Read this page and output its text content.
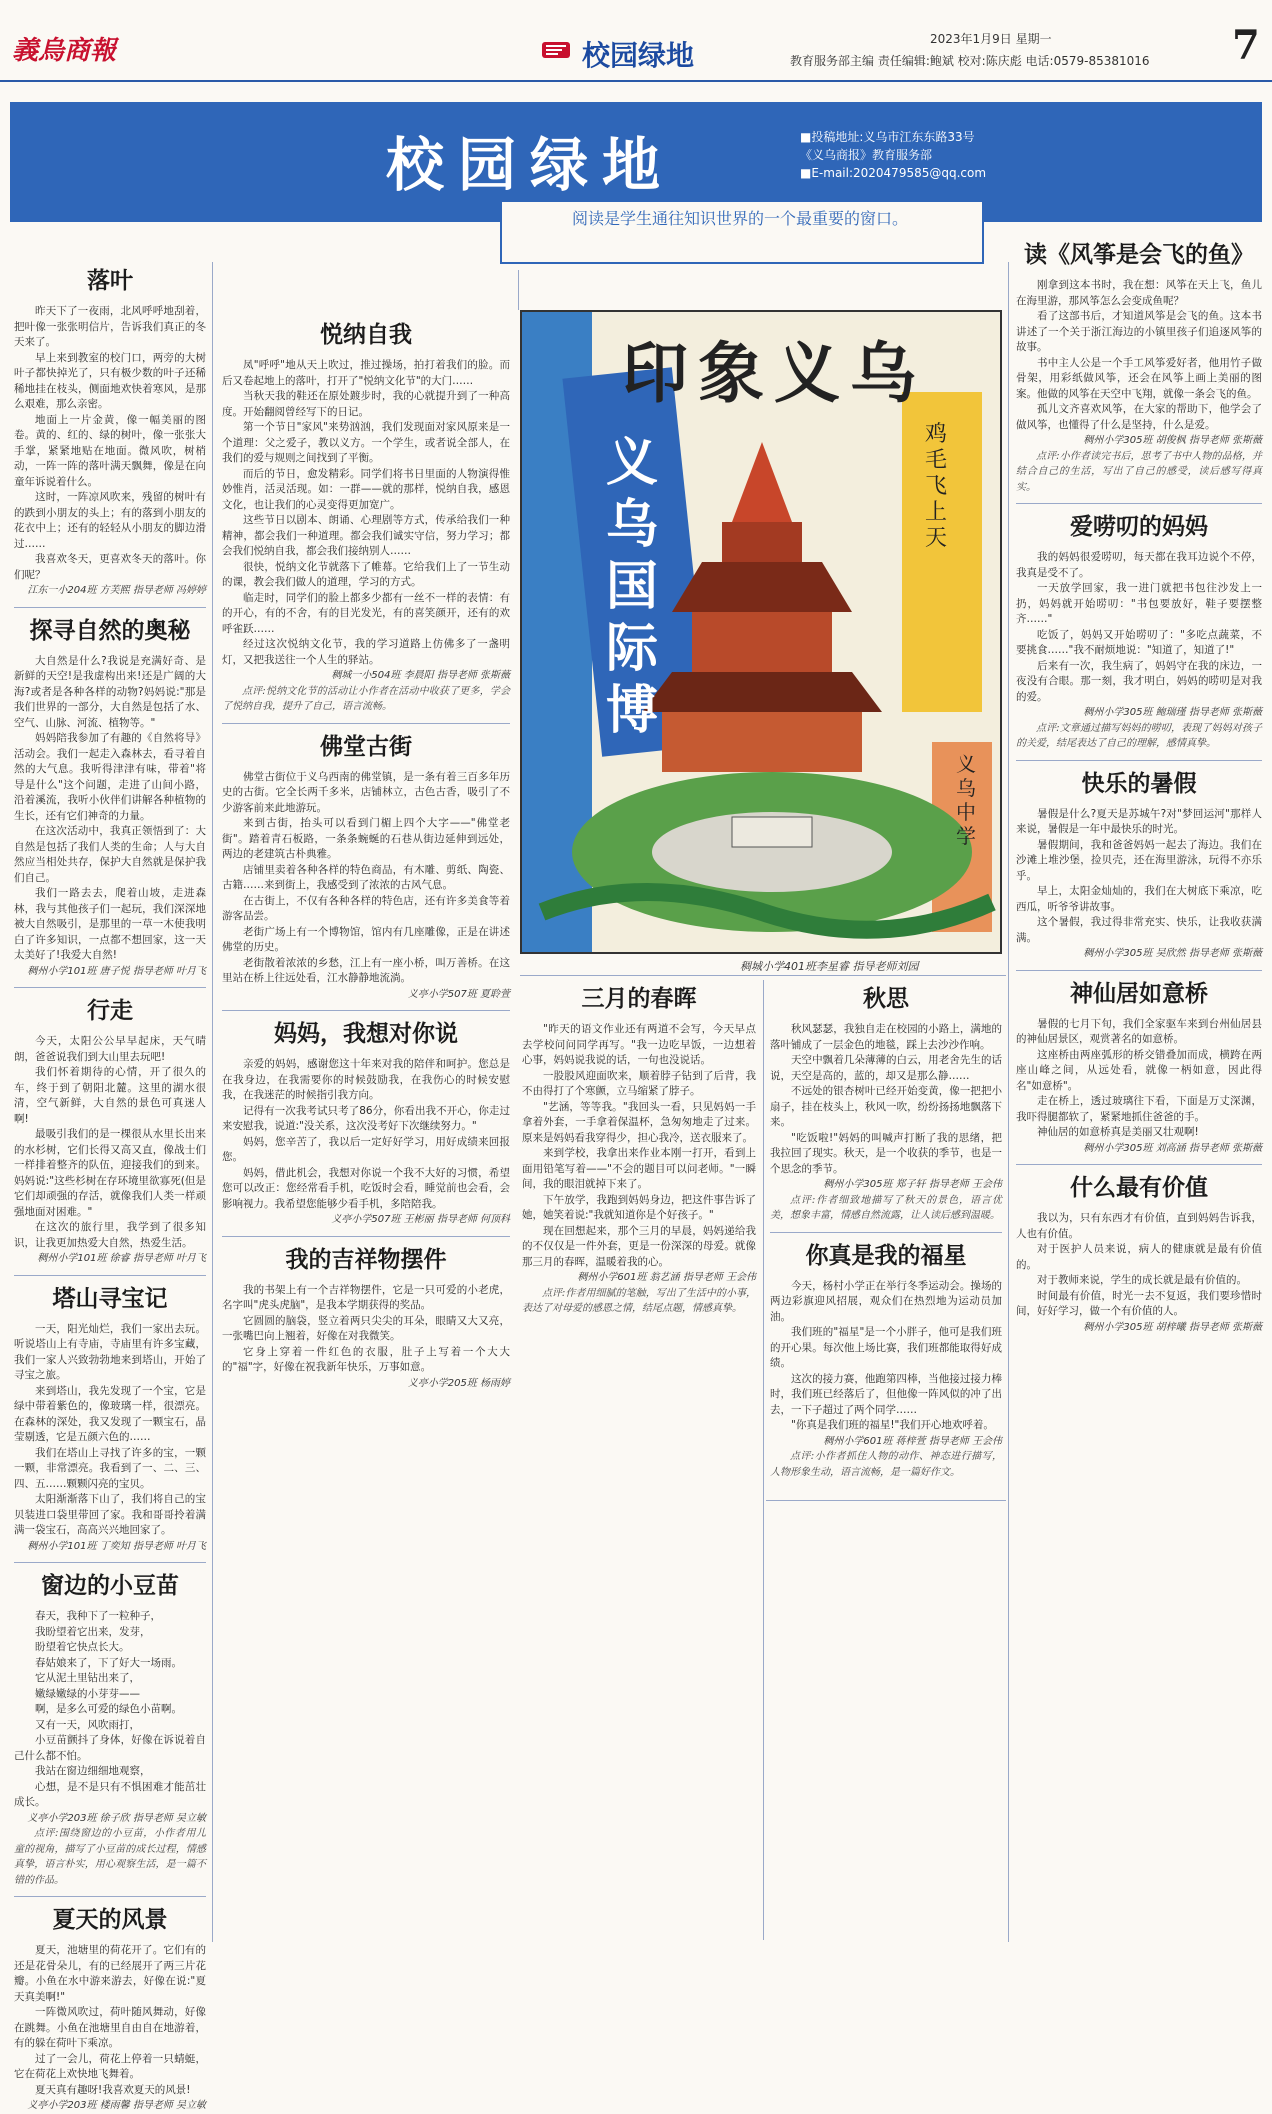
義烏商報	校园绿地	2023年1月9日 星期一
教育服务部主编 责任编辑:鲍斌 校对:陈庆彪 电话:0579-85381016 7
校园绿地	■投稿地址:义乌市江东东路33号
《义乌商报》教育服务部
■E-mail:2020479585@qq.com
阅读是学生通往知识世界的一个最重要的窗口。
落叶

昨天下了一夜雨，北风呼呼地刮着，把叶像一张张明信片，告诉我们真正的冬天来了。

早上来到教室的校门口，两旁的大树叶子都快掉光了，只有极少数的叶子还稀稀地挂在枝头，侧面地欢快着寒风，是那么艰难，那么亲密。

地面上一片金黄，像一幅美丽的图卷。黄的、红的、绿的树叶，像一张张大手掌，紧紧地贴在地面。微风吹，树梢动，一阵一阵的落叶满天飘舞，像是在向童年诉说着什么。

这时，一阵凉风吹来，残留的树叶有的跌到小朋友的头上；有的落到小朋友的花衣中上；还有的轻轻从小朋友的脚边滑过……

我喜欢冬天，更喜欢冬天的落叶。你们呢？

江东一小204班 方芙熙 指导老师 冯婷婷

探寻自然的奥秘

大自然是什么?我说是充满好奇、是新鲜的天空!是我虚构出来!还是广阔的大海?或者是各种各样的动物?妈妈说:"那是我们世界的一部分，大自然是包括了水、空气、山脉、河流、植物等。"

妈妈陪我参加了有趣的《自然将导》活动会。我们一起走入森林去，看寻着自然的大气息。我听得津津有味，带着"将导是什么"这个问题，走进了山间小路，沿着溪流，我听小伙伴们讲解各种植物的生长，还有它们神奇的力量。

在这次活动中，我真正领悟到了：大自然是包括了我们人类的生命；人与大自然应当相处共存，保护大自然就是保护我们自己。

我们一路去去，爬着山坡，走进森林，我与其他孩子们一起玩，我们深深地被大自然吸引，是那里的一草一木使我明白了许多知识，一点都不想回家，这一天太美好了!我爱大自然!

稠州小学101班 唐子悦 指导老师 叶月飞

行走

今天，太阳公公早早起床，天气晴朗，爸爸说我们到大山里去玩吧!

我们怀着期待的心情，开了很久的车，终于到了朝阳北麓。这里的湖水很清，空气新鲜，大自然的景色可真迷人啊!

最吸引我们的是一棵很从水里长出来的水杉树，它们长得又高又直，像战士们一样排着整齐的队伍，迎接我们的到来。妈妈说:"这些杉树在存环境里欲寡死(但是它们却顽强的存活，就像我们人类一样顽强地面对困难。"

在这次的旅行里，我学到了很多知识，让我更加热爱大自然，热爱生活。

稠州小学101班 徐睿 指导老师 叶月飞

塔山寻宝记

一天，阳光灿烂，我们一家出去玩。听说塔山上有寺庙，寺庙里有许多宝藏，我们一家人兴致勃勃地来到塔山，开始了寻宝之旅。

来到塔山，我先发现了一个宝，它是绿中带着紫色的，像玻璃一样，很漂亮。在森林的深处，我又发现了一颗宝石，晶莹剔透，它是五颜六色的……

我们在塔山上寻找了许多的宝，一颗一颗，非常漂亮。我看到了一、二、三、四、五……颗颗闪亮的宝贝。

太阳渐渐落下山了，我们将自己的宝贝装进口袋里带回了家。我和哥哥拎着满满一袋宝石，高高兴兴地回家了。

稠州小学101班 丁奕知 指导老师 叶月飞

窗边的小豆苗

春天，我种下了一粒种子，

我盼望着它出来，发芽，

盼望着它快点长大。

春姑娘来了，下了好大一场雨。

它从泥土里钻出来了，

嫩绿嫩绿的小芽芽——

啊，是多么可爱的绿色小苗啊。

又有一天，风吹雨打，

小豆苗颤抖了身体，好像在诉说着自己什么都不怕。

我站在窗边细细地观察，

心想，是不是只有不惧困难才能茁壮成长。

义亭小学203班 徐子欣 指导老师 吴立敏

点评:围绕窗边的小豆苗，小作者用儿童的视角，描写了小豆苗的成长过程，情感真挚，语言朴实，用心观察生活，是一篇不错的作品。

夏天的风景

夏天，池塘里的荷花开了。它们有的还是花骨朵儿，有的已经展开了两三片花瓣。小鱼在水中游来游去，好像在说:"夏天真美啊!"

一阵微风吹过，荷叶随风舞动，好像在跳舞。小鱼在池塘里自由自在地游着，有的躲在荷叶下乘凉。

过了一会儿，荷花上停着一只蜻蜓，它在荷花上欢快地飞舞着。

夏天真有趣呀!我喜欢夏天的风景!

义亭小学203班 楼雨馨 指导老师 吴立敏

悦纳自我

凤"呼呼"地从天上吹过，推过操场，拍打着我们的脸。而后又卷起地上的落叶，打开了"悦纳文化节"的大门……

当秋天我的鞋还在原处踱步时，我的心就提升到了一种高度。开始翻阅曾经写下的日记。

第一个节日"家风"来势汹汹，我们发现面对家风原来是一个道理：父之爱子，教以义方。一个学生，或者说全部人，在我们的爱与规则之间找到了平衡。

而后的节日，愈发精彩。同学们将书日里面的人物演得惟妙惟肖，活灵活现。如：一群——就的那样，悦纳自我，感恩文化，也让我们的心灵变得更加宽广。

这些节日以剧本、朗诵、心理剧等方式，传承给我们一种精神，都会我们一种道理。都会我们诚实守信，努力学习；都会我们悦纳自我，都会我们接纳别人……

很快，悦纳文化节就落下了帷幕。它给我们上了一节生动的课，教会我们做人的道理，学习的方式。

临走时，同学们的脸上都多少都有一丝不一样的表情：有的开心，有的不舍，有的目光发光，有的喜笑颜开，还有的欢呼雀跃……

经过这次悦纳文化节，我的学习道路上仿佛多了一盏明灯，又把我送往一个人生的驿站。

稠城一小504班 李晨阳 指导老师 张斯薇

点评:悦纳文化节的活动让小作者在活动中收获了更多，学会了悦纳自我，提升了自己，语言流畅。

佛堂古街

佛堂古街位于义乌西南的佛堂镇，是一条有着三百多年历史的古街。它全长两千多米，店铺林立，古色古香，吸引了不少游客前来此地游玩。

来到古街，抬头可以看到门楣上四个大字——"佛堂老街"。踏着青石板路，一条条蜿蜒的石巷从街边延伸到远处，两边的老建筑古朴典雅。

店铺里卖着各种各样的特色商品，有木雕、剪纸、陶瓷、古籍……来到街上，我感受到了浓浓的古风气息。

在古街上，不仅有各种各样的特色店，还有许多美食等着游客品尝。

老街广场上有一个博物馆，馆内有几座雕像，正是在讲述佛堂的历史。

老街散着浓浓的乡愁，江上有一座小桥，叫万善桥。在这里站在桥上往远处看，江水静静地流淌。

义亭小学507班 夏聆萱

妈妈，我想对你说

亲爱的妈妈，感谢您这十年来对我的陪伴和呵护。您总是在我身边，在我需要你的时候鼓励我，在我伤心的时候安慰我，在我迷茫的时候指引我方向。

记得有一次我考试只考了86分，你看出我不开心，你走过来安慰我，说道:"没关系，这次没考好下次继续努力。"

妈妈，您辛苦了，我以后一定好好学习，用好成绩来回报您。

妈妈，借此机会，我想对你说一个我不大好的习惯，希望您可以改正：您经常看手机，吃饭时会看，睡觉前也会看，会影响视力。我希望您能够少看手机，多陪陪我。

义亭小学507班 王彬丽 指导老师 何顶科

我的吉祥物摆件

我的书架上有一个吉祥物摆件，它是一只可爱的小老虎，名字叫"虎头虎脑"，是我本学期获得的奖品。

它圆圆的脑袋，竖立着两只尖尖的耳朵，眼睛又大又亮，一张嘴巴向上翘着，好像在对我微笑。

它身上穿着一件红色的衣服，肚子上写着一个大大的"福"字，好像在祝我新年快乐，万事如意。

义亭小学205班 杨雨婷

印象义乌
义乌国际博
鸡毛飞上天
义乌中学
稠城小学401班李星睿 指导老师刘园
三月的春晖

"昨天的语文作业还有两道不会写，今天早点去学校问问同学再写。"我一边吃早饭，一边想着心事，妈妈说我说的话，一句也没说话。

一股股风迎面吹来，顺着脖子钻到了后背，我不由得打了个寒颤，立马缩紧了脖子。

"艺涵，等等我。"我回头一看，只见妈妈一手拿着外套，一手拿着保温杯，急匆匆地走了过来。原来是妈妈看我穿得少，担心我冷，送衣服来了。

来到学校，我拿出来作业本刚一打开，看到上面用铅笔写着——"不会的题目可以问老师。"一瞬间，我的眼泪就掉下来了。

下午放学，我跑到妈妈身边，把这件事告诉了她，她笑着说:"我就知道你是个好孩子。"

现在回想起来，那个三月的早晨，妈妈递给我的不仅仅是一件外套，更是一份深深的母爱。就像那三月的春晖，温暖着我的心。

稠州小学601班 翁艺涵 指导老师 王会伟

点评:作者用细腻的笔触，写出了生活中的小事，表达了对母爱的感恩之情，结尾点题，情感真挚。

秋思

秋风瑟瑟，我独自走在校园的小路上，满地的落叶铺成了一层金色的地毯，踩上去沙沙作响。

天空中飘着几朵薄薄的白云，用老舍先生的话说，天空是高的，蓝的，却又是那么静……

不远处的银杏树叶已经开始变黄，像一把把小扇子，挂在枝头上，秋风一吹，纷纷扬扬地飘落下来。

"吃饭啦!"妈妈的叫喊声打断了我的思绪，把我拉回了现实。秋天，是一个收获的季节，也是一个思念的季节。

稠州小学305班 郑子轩 指导老师 王会伟

点评:作者细致地描写了秋天的景色，语言优美，想象丰富，情感自然流露，让人读后感到温暖。

你真是我的福星

今天，杨村小学正在举行冬季运动会。操场的两边彩旗迎风招展，观众们在热烈地为运动员加油。

我们班的"福星"是一个小胖子，他可是我们班的开心果。每次他上场比赛，我们班都能取得好成绩。

这次的接力赛，他跑第四棒，当他接过接力棒时，我们班已经落后了，但他像一阵风似的冲了出去，一下子超过了两个同学……

"你真是我们班的福星!"我们开心地欢呼着。

稠州小学601班 蒋梓萱 指导老师 王会伟

点评:小作者抓住人物的动作、神态进行描写，人物形象生动，语言流畅，是一篇好作文。

读《风筝是会飞的鱼》

刚拿到这本书时，我在想：风筝在天上飞，鱼儿在海里游，那风筝怎么会变成鱼呢？

看了这部书后，才知道风筝是会飞的鱼。这本书讲述了一个关于浙江海边的小镇里孩子们追逐风筝的故事。

书中主人公是一个手工风筝爱好者，他用竹子做骨架，用彩纸做风筝，还会在风筝上画上美丽的图案。他做的风筝在天空中飞翔，就像一条会飞的鱼。

孤儿文齐喜欢风筝，在大家的帮助下，他学会了做风筝，也懂得了什么是坚持，什么是爱。

稠州小学305班 胡俊枫 指导老师 张斯薇

点评:小作者读完书后，思考了书中人物的品格，并结合自己的生活，写出了自己的感受，读后感写得真实。

爱唠叨的妈妈

我的妈妈很爱唠叨，每天都在我耳边说个不停，我真是受不了。

一天放学回家，我一进门就把书包往沙发上一扔，妈妈就开始唠叨："书包要放好，鞋子要摆整齐……"

吃饭了，妈妈又开始唠叨了："多吃点蔬菜，不要挑食……"我不耐烦地说："知道了，知道了!"

后来有一次，我生病了，妈妈守在我的床边，一夜没有合眼。那一刻，我才明白，妈妈的唠叨是对我的爱。

稠州小学305班 鲍瑞瑾 指导老师 张斯薇

点评:文章通过描写妈妈的唠叨，表现了妈妈对孩子的关爱，结尾表达了自己的理解，感情真挚。

快乐的暑假

暑假是什么?夏天是苏城午?对"梦回运河"那样人来说，暑假是一年中最快乐的时光。

暑假期间，我和爸爸妈妈一起去了海边。我们在沙滩上堆沙堡，捡贝壳，还在海里游泳，玩得不亦乐乎。

早上，太阳金灿灿的，我们在大树底下乘凉，吃西瓜，听爷爷讲故事。

这个暑假，我过得非常充实、快乐，让我收获满满。

稠州小学305班 吴欣然 指导老师 张斯薇

神仙居如意桥

暑假的七月下旬，我们全家驱车来到台州仙居县的神仙居景区，观赏著名的如意桥。

这座桥由两座弧形的桥交错叠加而成，横跨在两座山峰之间，从远处看，就像一柄如意，因此得名"如意桥"。

走在桥上，透过玻璃往下看，下面是万丈深渊，我吓得腿都软了，紧紧地抓住爸爸的手。

神仙居的如意桥真是美丽又壮观啊!

稠州小学305班 刘高涵 指导老师 张斯薇

什么最有价值

我以为，只有东西才有价值，直到妈妈告诉我，人也有价值。

对于医护人员来说，病人的健康就是最有价值的。

对于教师来说，学生的成长就是最有价值的。

时间最有价值，时光一去不复返，我们要珍惜时间，好好学习，做一个有价值的人。

稠州小学305班 胡梓曦 指导老师 张斯薇
